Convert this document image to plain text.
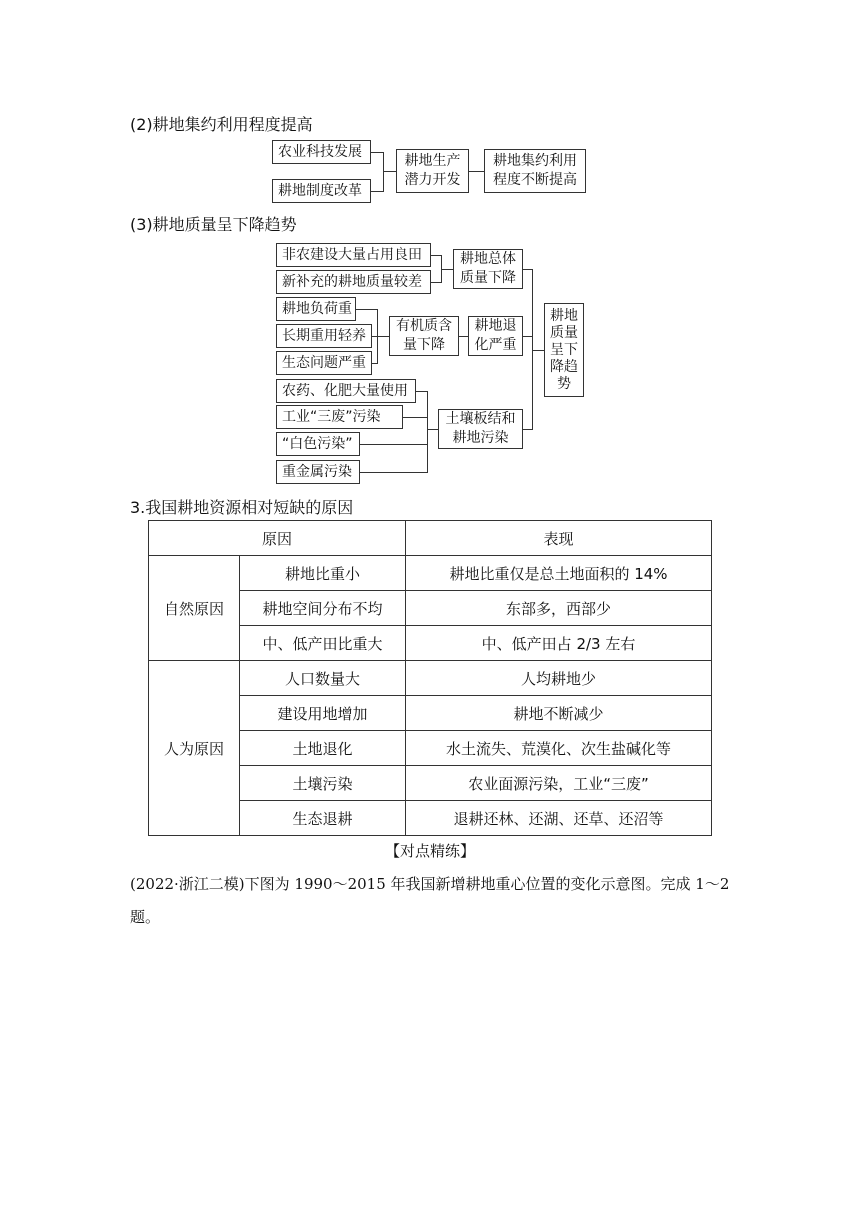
(2)耕地集约利用程度提高
农业科技发展
耕地制度改革
耕地生产
潜力开发
耕地集约利用
程度不断提高
(3)耕地质量呈下降趋势
非农建设大量占用良田
新补充的耕地质量较差
耕地负荷重
长期重用轻养
生态问题严重
农药、化肥大量使用
工业“三废”污染
“白色污染”
重金属污染
耕地总体
质量下降
有机质含
量下降
耕地退
化严重
土壤板结和
耕地污染
耕地
质量
呈下
降趋
势
3.我国耕地资源相对短缺的原因
原因		表现
自然原因	耕地比重小	耕地比重仅是总土地面积的 14%
	耕地空间分布不均	东部多，西部少
	中、低产田比重大	中、低产田占 2/3 左右
人为原因	人口数量大	人均耕地少
	建设用地增加	耕地不断减少
	土地退化	水土流失、荒漠化、次生盐碱化等
	土壤污染	农业面源污染，工业“三废”
	生态退耕	退耕还林、还湖、还草、还沼等
【对点精练】
(2022·浙江二模)下图为 1990～2015 年我国新增耕地重心位置的变化示意图。完成 1～2 题。
